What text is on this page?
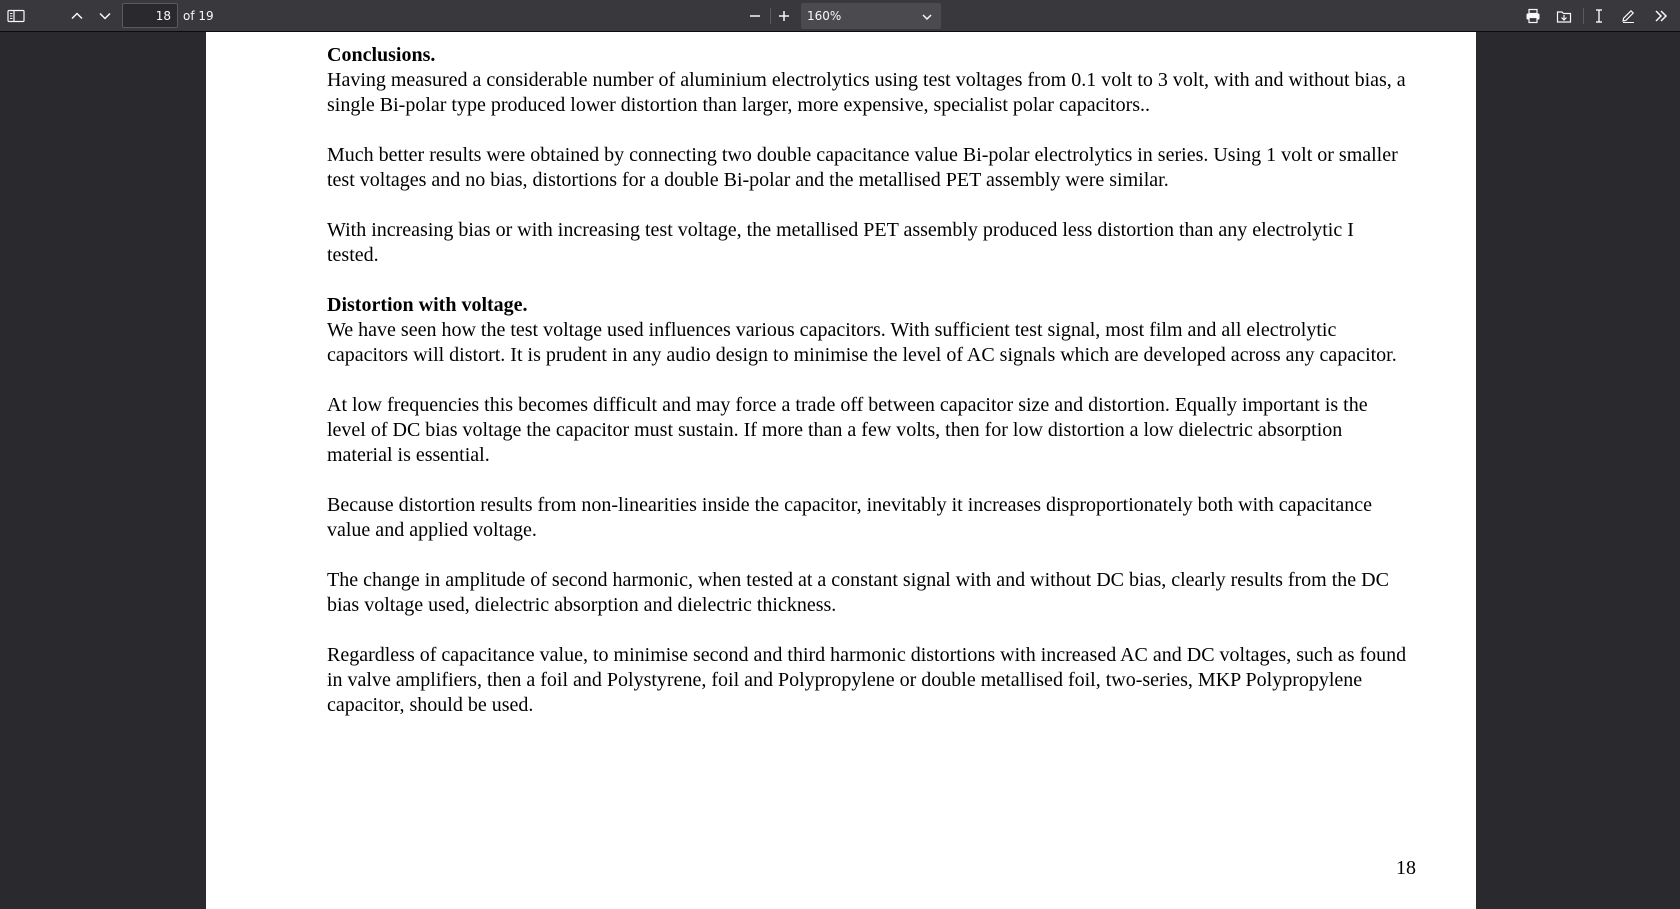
18
of 19	160%
Conclusions.

Having measured a considerable number of aluminium electrolytics using test voltages from 0.1 volt to 3 volt, with and without bias, a single Bi-polar type produced lower distortion than larger, more expensive, specialist polar capacitors..

Much better results were obtained by connecting two double capacitance value Bi-polar electrolytics in series. Using 1 volt or smaller test voltages and no bias, distortions for a double Bi-polar and the metallised PET assembly were similar.

With increasing bias or with increasing test voltage, the metallised PET assembly produced less distortion than any electrolytic I tested.

Distortion with voltage.

We have seen how the test voltage used influences various capacitors. With sufficient test signal, most film and all electrolytic capacitors will distort. It is prudent in any audio design to minimise the level of AC signals which are developed across any capacitor.

At low frequencies this becomes difficult and may force a trade off between capacitor size and distortion. Equally important is the level of DC bias voltage the capacitor must sustain. If more than a few volts, then for low distortion a low dielectric absorption material is essential.

Because distortion results from non-linearities inside the capacitor, inevitably it increases disproportionately both with capacitance value and applied voltage.

The change in amplitude of second harmonic, when tested at a constant signal with and without DC bias, clearly results from the DC bias voltage used, dielectric absorption and dielectric thickness.

Regardless of capacitance value, to minimise second and third harmonic distortions with increased AC and DC voltages, such as found in valve amplifiers, then a foil and Polystyrene, foil and Polypropylene or double metallised foil, two-series, MKP Polypropylene capacitor, should be used.

18
